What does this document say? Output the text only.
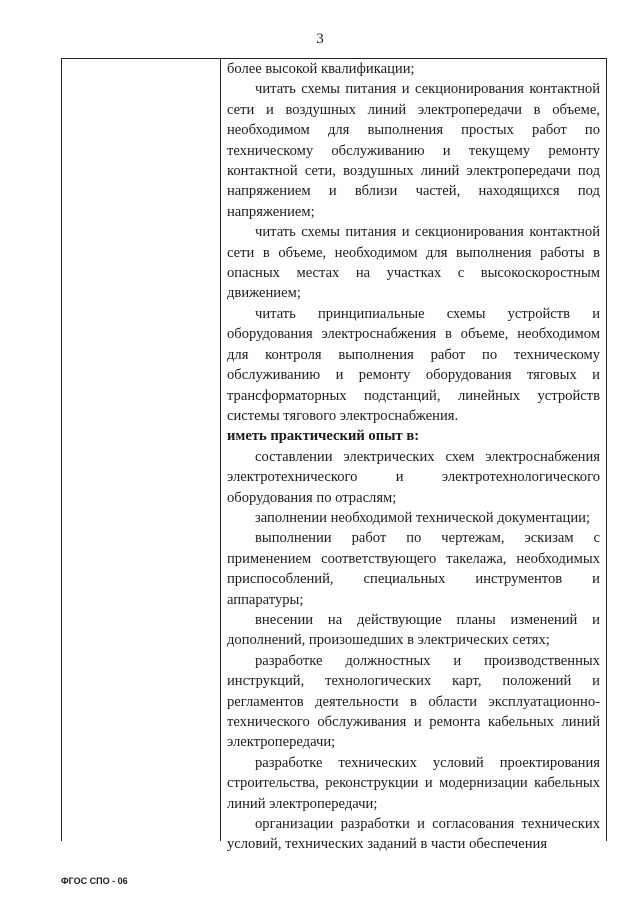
3

более высокой квалификации;

читать схемы питания и секционирования контактной сети и воздушных линий электропередачи в объеме, необходимом для выполнения простых работ по техническому обслуживанию и текущему ремонту контактной сети, воздушных линий электропередачи под напряжением и вблизи частей, находящихся под напряжением;

читать схемы питания и секционирования контактной сети в объеме, необходимом для выполнения работы в опасных местах на участках с высокоскоростным движением;

читать принципиальные схемы устройств и оборудования электроснабжения в объеме, необходимом для контроля выполнения работ по техническому обслуживанию и ремонту оборудования тяговых и трансформаторных подстанций, линейных устройств системы тягового электроснабжения.

иметь практический опыт в:

составлении электрических схем электроснабжения электротехнического и электротехнологического оборудования по отраслям;

заполнении необходимой технической документации;

выполнении работ по чертежам, эскизам с применением соответствующего такелажа, необходимых приспособлений, специальных инструментов и аппаратуры;

внесении на действующие планы изменений и дополнений, произошедших в электрических сетях;

разработке должностных и производственных инструкций, технологических карт, положений и регламентов деятельности в области эксплуатационно-технического обслуживания и ремонта кабельных линий электропередачи;

разработке технических условий проектирования строительства, реконструкции и модернизации кабельных линий электропередачи;

организации разработки и согласования технических условий, технических заданий в части обеспечения

ФГОС СПО - 06
